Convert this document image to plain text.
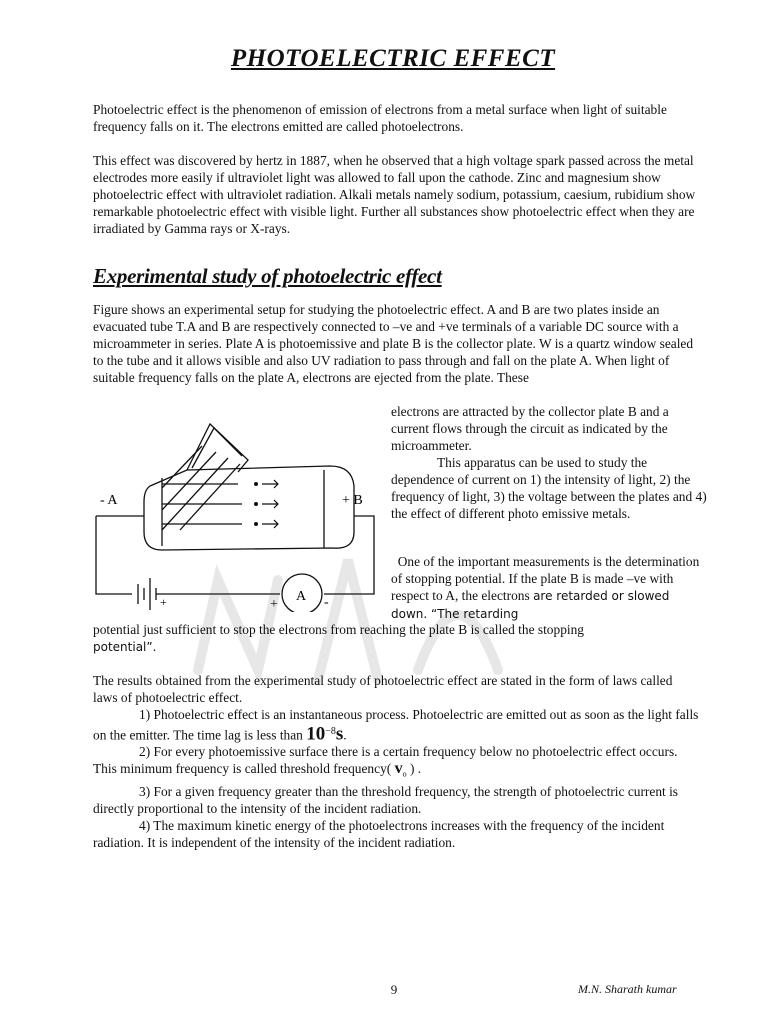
PHOTOELECTRIC EFFECT

Photoelectric effect is the phenomenon of emission of electrons from a metal surface when light of suitable frequency falls on it. The electrons emitted are called photoelectrons.

This effect was discovered by hertz in 1887, when he observed that a high voltage spark passed across the metal electrodes more easily if ultraviolet light was allowed to fall upon the cathode. Zinc and magnesium show photoelectric effect with ultraviolet radiation. Alkali metals namely sodium, potassium, caesium, rubidium show remarkable photoelectric effect with visible light. Further all substances show photoelectric effect when they are irradiated by Gamma rays or X-rays.

Experimental study of photoelectric effect

Figure shows an experimental setup for studying the photoelectric effect. A and B are two plates inside an evacuated tube T.A and B are respectively connected to –ve and +ve terminals of a variable DC source with a microammeter in series. Plate A is photoemissive and plate B is the collector plate. W is a quartz window sealed to the tube and it allows visible and also UV radiation to pass through and fall on the plate A. When light of suitable frequency falls on the plate A, electrons are ejected from the plate. These

- A	+ B
A
+	-
+
electrons are attracted by the collector plate B and a current flows through the circuit as indicated by the microammeter.
This apparatus can be used to study the dependence of current on 1) the intensity of light, 2) the frequency of light, 3) the voltage between the plates and 4) the effect of different photo emissive metals.
One of the important measurements is the determination of stopping potential. If the plate B is made –ve with respect to A, the electrons are retarded or slowed down. “The retarding
potential just sufficient to stop the electrons from reaching the plate B is called the stopping
potential”.

The results obtained from the experimental study of photoelectric effect are stated in the form of laws called laws of photoelectric effect.

1) Photoelectric effect is an instantaneous process. Photoelectric are emitted out as soon as the light falls on the emitter. The time lag is less than $10^{-8}s$.

2) For every photoemissive surface there is a certain frequency below no photoelectric effect occurs. This minimum frequency is called threshold frequency( $v_o$ ) .

3) For a given frequency greater than the threshold frequency, the strength of photoelectric current is directly proportional to the intensity of the incident radiation.

4) The maximum kinetic energy of the photoelectrons increases with the frequency of the incident radiation. It is independent of the intensity of the incident radiation.

9	M.N. Sharath kumar
